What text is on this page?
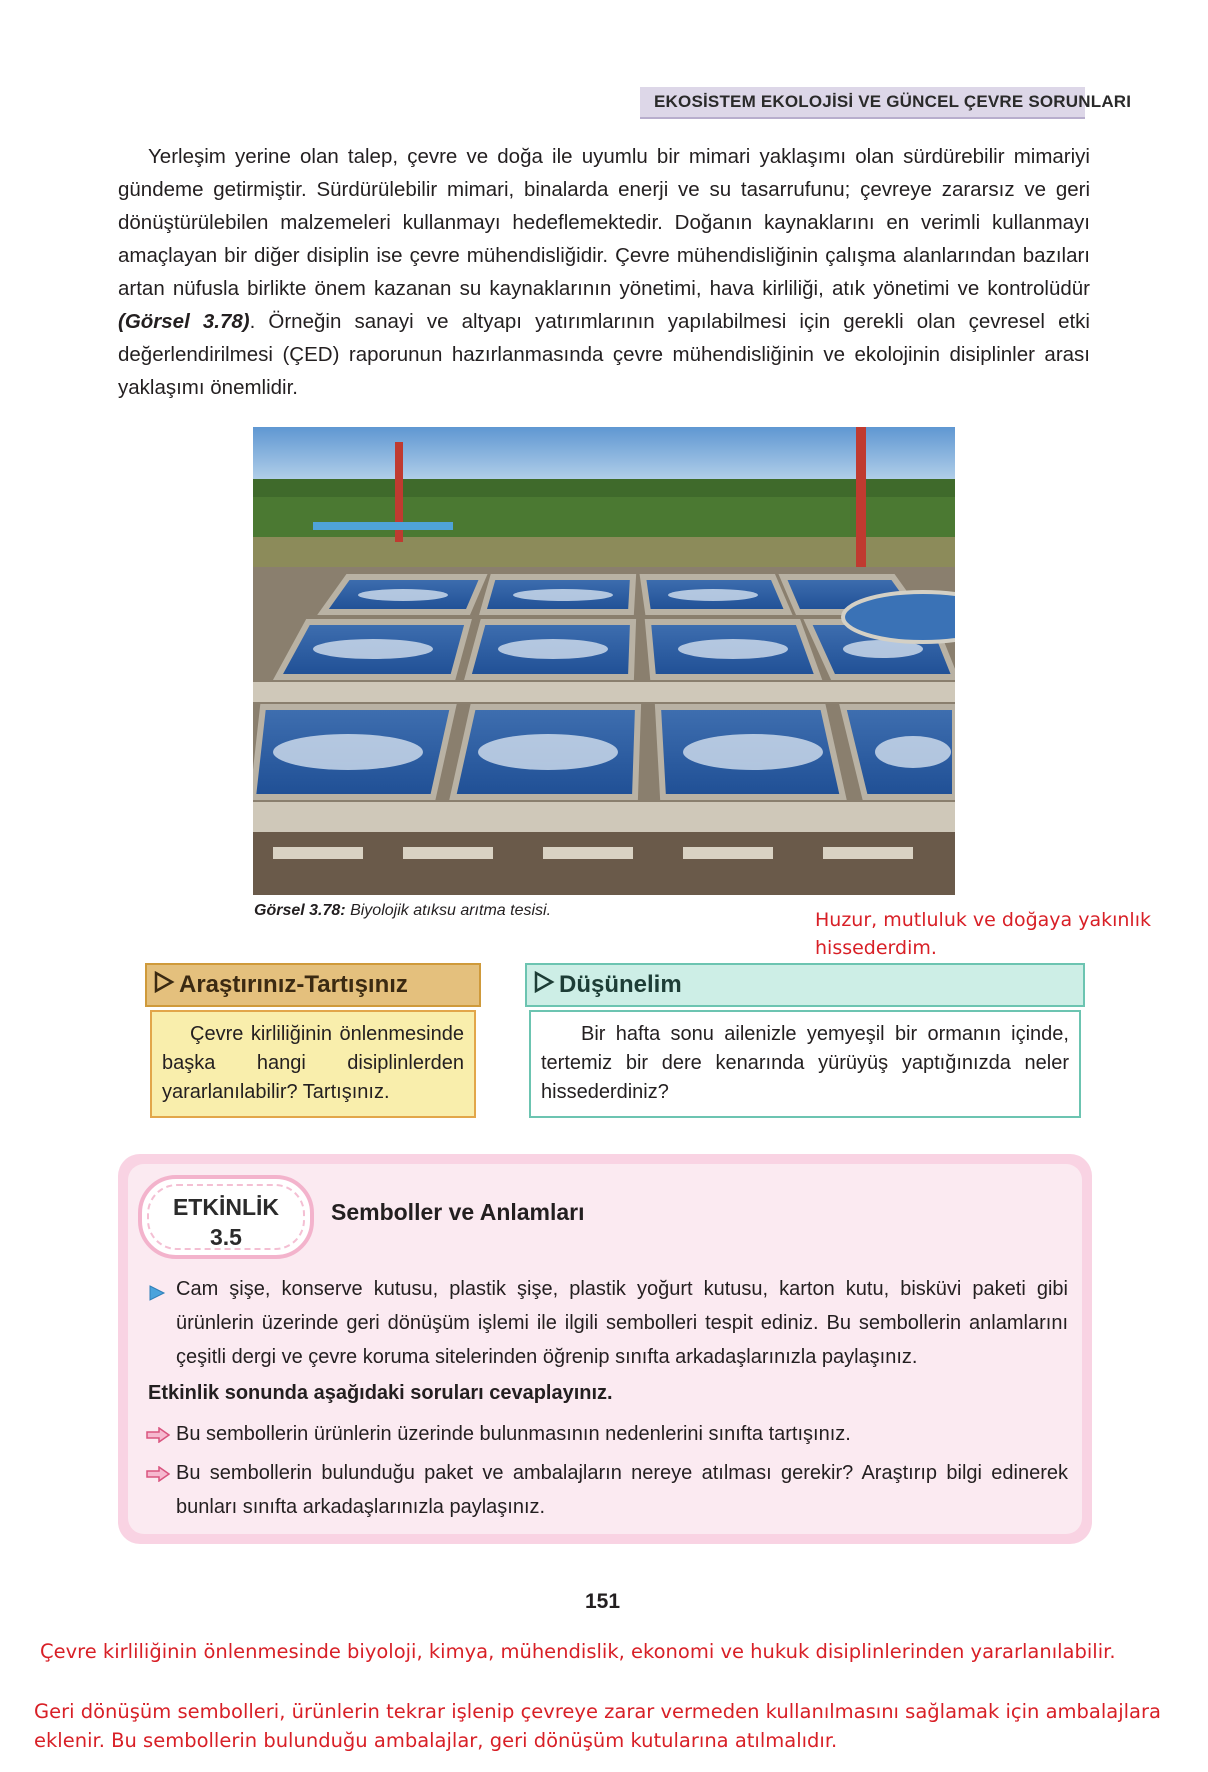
EKOSİSTEM EKOLOJİSİ VE GÜNCEL ÇEVRE SORUNLARI
Yerleşim yerine olan talep, çevre ve doğa ile uyumlu bir mimari yaklaşımı olan sürdürebilir mimariyi gündeme getirmiştir. Sürdürülebilir mimari, binalarda enerji ve su tasarrufunu; çevreye zararsız ve geri dönüştürülebilen malzemeleri kullanmayı hedeflemektedir. Doğanın kaynaklarını en verimli kullanmayı amaçlayan bir diğer disiplin ise çevre mühendisliğidir. Çevre mühendisliğinin çalışma alanlarından bazıları artan nüfusla birlikte önem kazanan su kaynaklarının yönetimi, hava kirliliği, atık yönetimi ve kontrolüdür (Görsel 3.78). Örneğin sanayi ve altyapı yatırımlarının yapılabilmesi için gerekli olan çevresel etki değerlendirilmesi (ÇED) raporunun hazırlanmasında çevre mühendisliğinin ve ekolojinin disiplinler arası yaklaşımı önemlidir.
Görsel 3.78: Biyolojik atıksu arıtma tesisi.	Huzur, mutluluk ve doğaya yakınlık hissederdim.
Araştırınız-Tartışınız
Çevre kirliliğinin önlenmesinde başka hangi disiplinlerden yararlanılabilir? Tartışınız.
Düşünelim
Bir hafta sonu ailenizle yemyeşil bir ormanın içinde, tertemiz bir dere kenarında yürüyüş yaptığınızda neler hissederdiniz?
ETKİNLİK
3.5
Semboller ve Anlamları
Cam şişe, konserve kutusu, plastik şişe, plastik yoğurt kutusu, karton kutu, bisküvi paketi gibi ürünlerin üzerinde geri dönüşüm işlemi ile ilgili sembolleri tespit ediniz. Bu sembollerin anlamlarını çeşitli dergi ve çevre koruma sitelerinden öğrenip sınıfta arkadaşlarınızla paylaşınız.
Etkinlik sonunda aşağıdaki soruları cevaplayınız.
Bu sembollerin ürünlerin üzerinde bulunmasının nedenlerini sınıfta tartışınız.
Bu sembollerin bulunduğu paket ve ambalajların nereye atılması gerekir? Araştırıp bilgi edinerek bunları sınıfta arkadaşlarınızla paylaşınız.
151
Çevre kirliliğinin önlenmesinde biyoloji, kimya, mühendislik, ekonomi ve hukuk disiplinlerinden yararlanılabilir.
Geri dönüşüm sembolleri, ürünlerin tekrar işlenip çevreye zarar vermeden kullanılmasını sağlamak için ambalajlara eklenir. Bu sembollerin bulunduğu ambalajlar, geri dönüşüm kutularına atılmalıdır.
